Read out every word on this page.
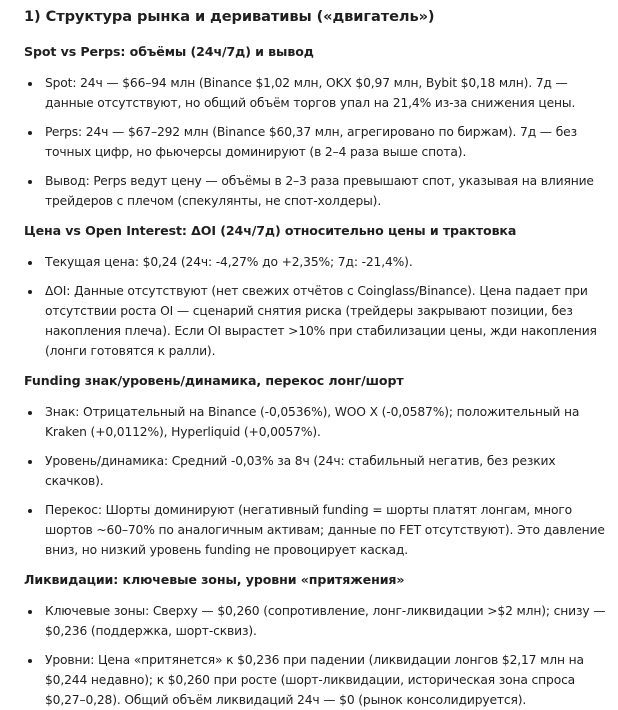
1) Структура рынка и деривативы («двигатель»)
Spot vs Perps: объёмы (24ч/7д) и вывод
Spot: 24ч — $66–94 млн (Binance $1,02 млн, OKX $0,97 млн, Bybit $0,18 млн). 7д — данные отсутствуют, но общий объём торгов упал на 21,4% из-за снижения цены.
Perps: 24ч — $67–292 млн (Binance $60,37 млн, агрегировано по биржам). 7д — без точных цифр, но фьючерсы доминируют (в 2–4 раза выше спота).
Вывод: Perps ведут цену — объёмы в 2–3 раза превышают спот, указывая на влияние трейдеров с плечом (спекулянты, не спот-холдеры).
Цена vs Open Interest: ΔOI (24ч/7д) относительно цены и трактовка
Текущая цена: $0,24 (24ч: -4,27% до +2,35%; 7д: -21,4%).
ΔOI: Данные отсутствуют (нет свежих отчётов с Coinglass/Binance). Цена падает при отсутствии роста OI — сценарий снятия риска (трейдеры закрывают позиции, без накопления плеча). Если OI вырастет >10% при стабилизации цены, жди накопления (лонги готовятся к ралли).
Funding знак/уровень/динамика, перекос лонг/шорт
Знак: Отрицательный на Binance (-0,0536%), WOO X (-0,0587%); положительный на Kraken (+0,0112%), Hyperliquid (+0,0057%).
Уровень/динамика: Средний -0,03% за 8ч (24ч: стабильный негатив, без резких скачков).
Перекос: Шорты доминируют (негативный funding = шорты платят лонгам, много шортов ~60–70% по аналогичным активам; данные по FET отсутствуют). Это давление вниз, но низкий уровень funding не провоцирует каскад.
Ликвидации: ключевые зоны, уровни «притяжения»
Ключевые зоны: Сверху — $0,260 (сопротивление, лонг-ликвидации >$2 млн); снизу — $0,236 (поддержка, шорт-сквиз).
Уровни: Цена «притянется» к $0,236 при падении (ликвидации лонгов $2,17 млн на $0,244 недавно); к $0,260 при росте (шорт-ликвидации, историческая зона спроса $0,27–0,28). Общий объём ликвидаций 24ч — $0 (рынок консолидируется).
